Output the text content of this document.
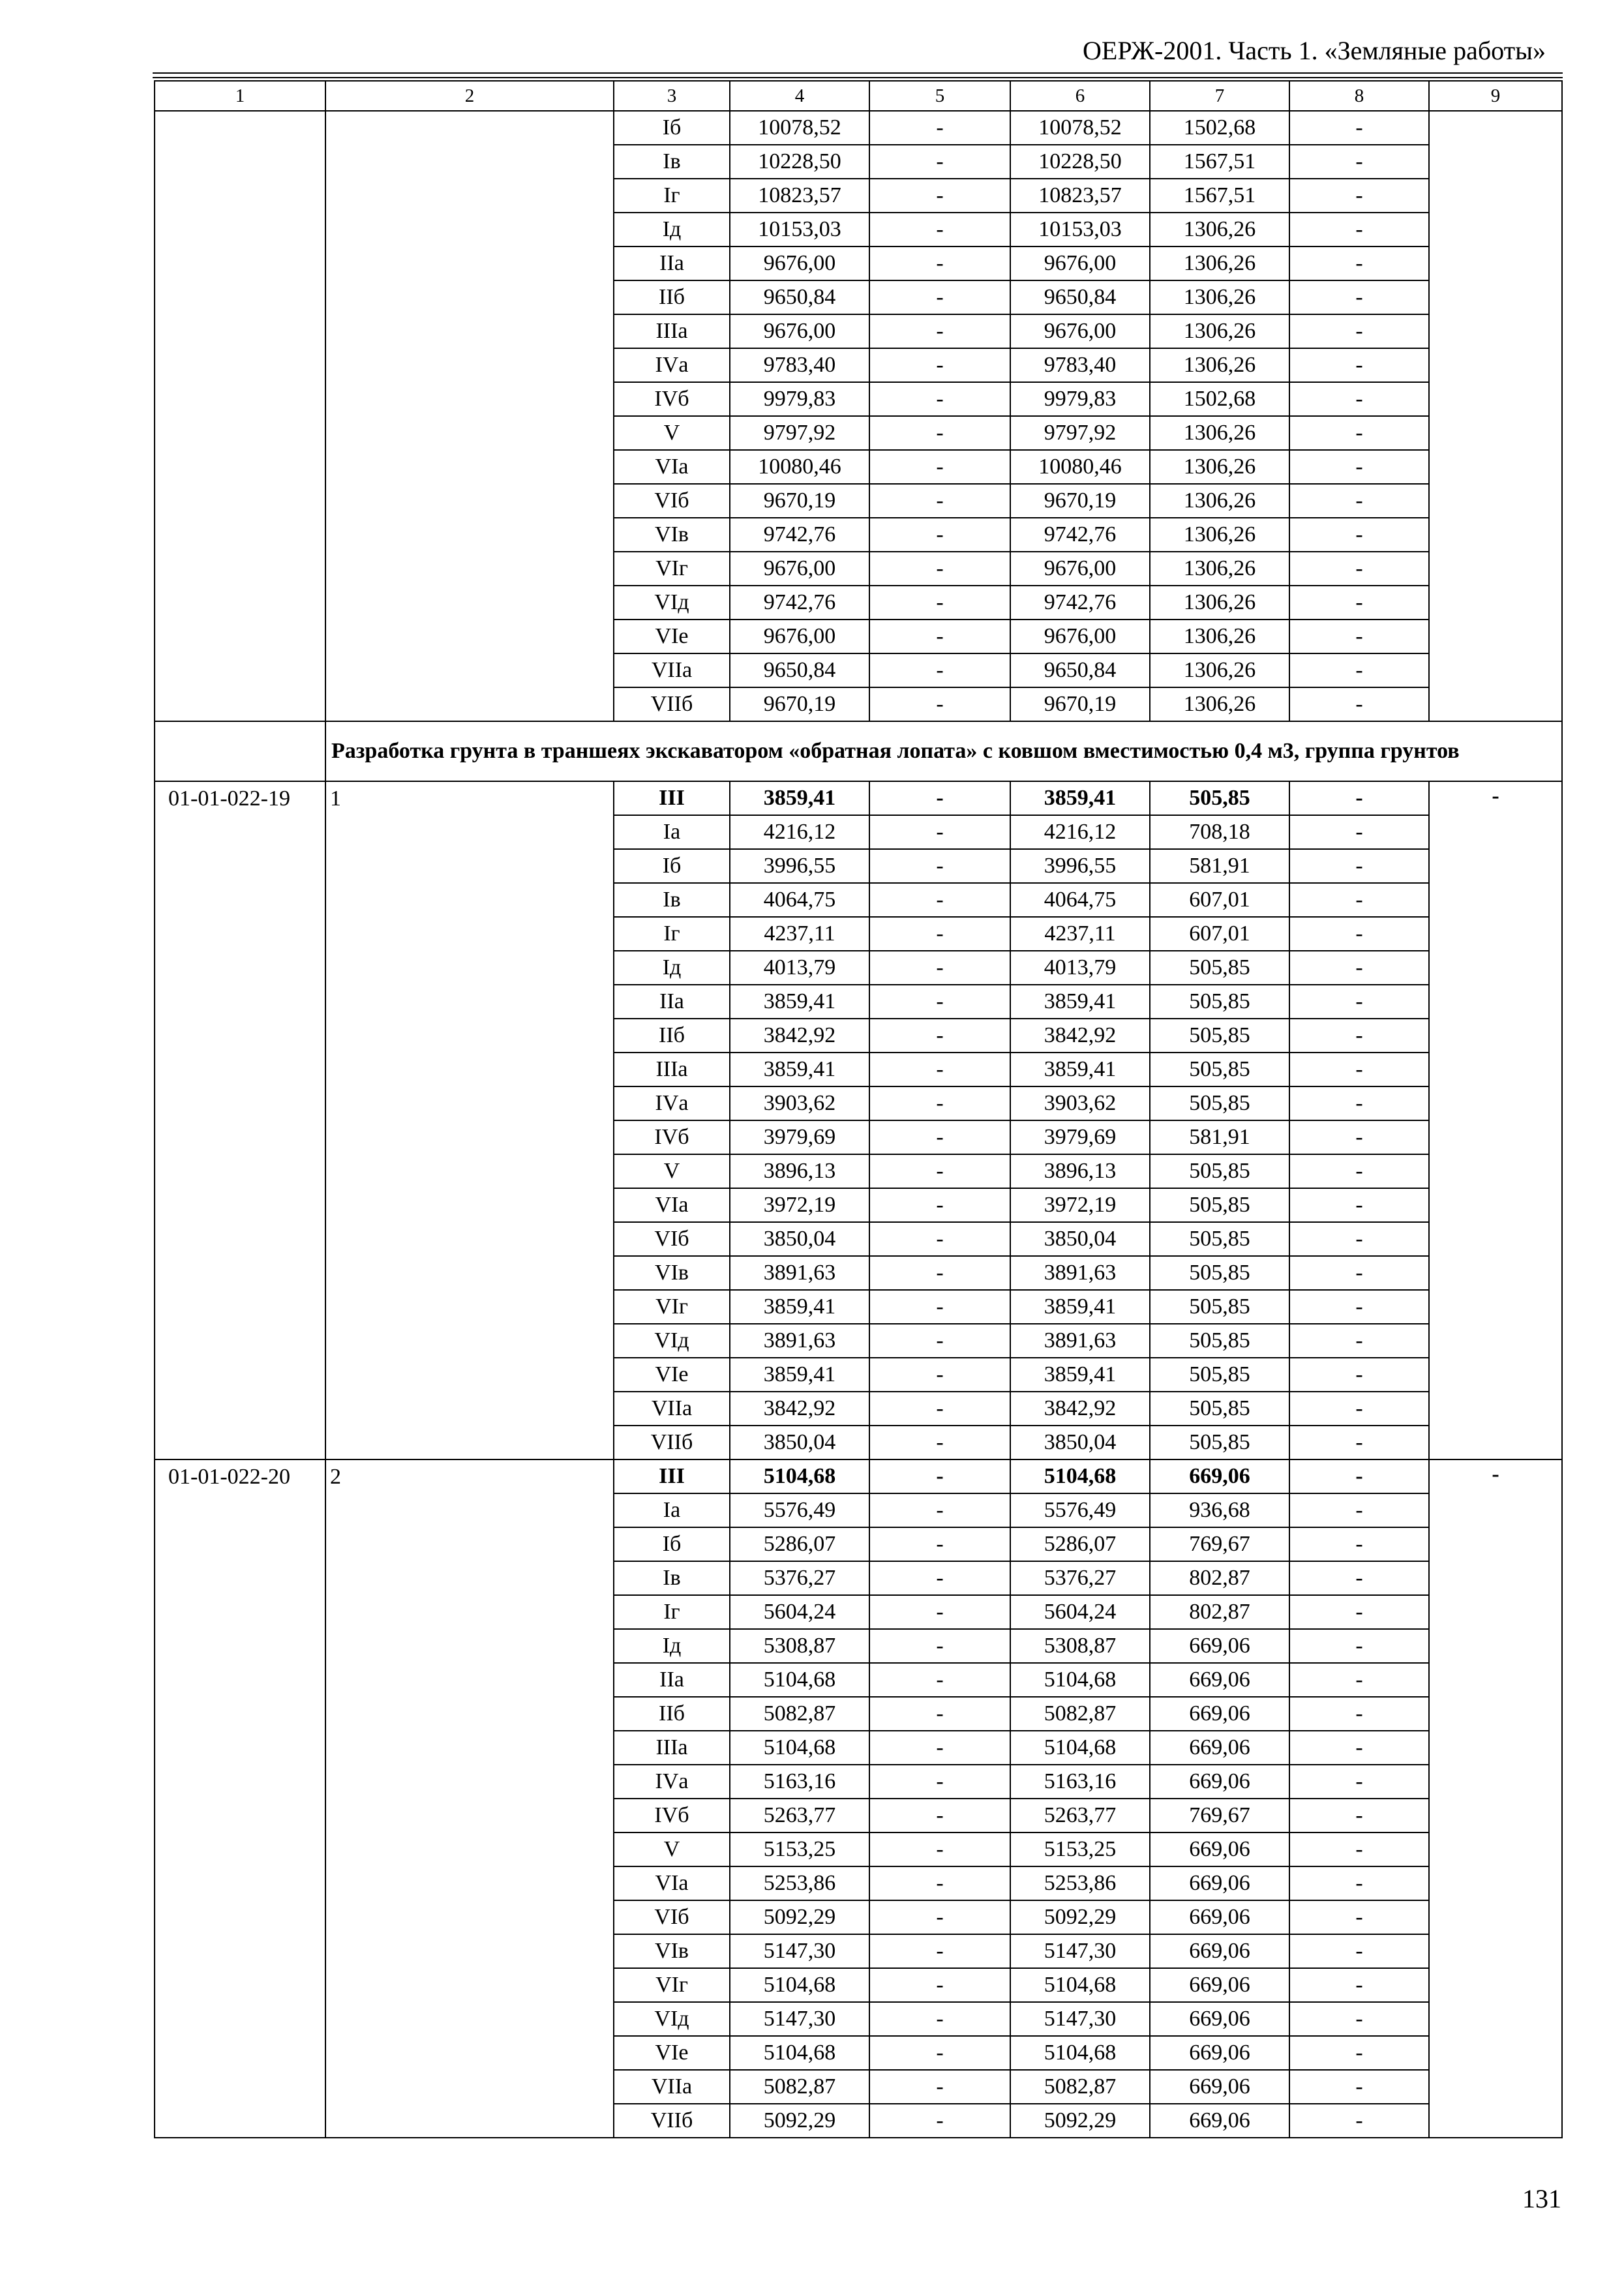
ОЕРЖ-2001. Часть 1. «Земляные работы»
1	2	3	4	5	6	7	8	9
		Iб	10078,52	-	10078,52	1502,68	-	
		Iв	10228,50	-	10228,50	1567,51	-	
		Iг	10823,57	-	10823,57	1567,51	-	
		Iд	10153,03	-	10153,03	1306,26	-	
		IIа	9676,00	-	9676,00	1306,26	-	
		IIб	9650,84	-	9650,84	1306,26	-	
		IIIа	9676,00	-	9676,00	1306,26	-	
		IVа	9783,40	-	9783,40	1306,26	-	
		IVб	9979,83	-	9979,83	1502,68	-	
		V	9797,92	-	9797,92	1306,26	-	
		VIа	10080,46	-	10080,46	1306,26	-	
		VIб	9670,19	-	9670,19	1306,26	-	
		VIв	9742,76	-	9742,76	1306,26	-	
		VIг	9676,00	-	9676,00	1306,26	-	
		VIд	9742,76	-	9742,76	1306,26	-	
		VIе	9676,00	-	9676,00	1306,26	-	
		VIIа	9650,84	-	9650,84	1306,26	-	
		VIIб	9670,19	-	9670,19	1306,26	-	
	Разработка грунта в траншеях экскаватором «обратная лопата» с ковшом вместимостью 0,4 м3, группа грунтов							
01-01-022-19	1	III	3859,41	-	3859,41	505,85	-	-
		Iа	4216,12	-	4216,12	708,18	-	
		Iб	3996,55	-	3996,55	581,91	-	
		Iв	4064,75	-	4064,75	607,01	-	
		Iг	4237,11	-	4237,11	607,01	-	
		Iд	4013,79	-	4013,79	505,85	-	
		IIа	3859,41	-	3859,41	505,85	-	
		IIб	3842,92	-	3842,92	505,85	-	
		IIIа	3859,41	-	3859,41	505,85	-	
		IVа	3903,62	-	3903,62	505,85	-	
		IVб	3979,69	-	3979,69	581,91	-	
		V	3896,13	-	3896,13	505,85	-	
		VIа	3972,19	-	3972,19	505,85	-	
		VIб	3850,04	-	3850,04	505,85	-	
		VIв	3891,63	-	3891,63	505,85	-	
		VIг	3859,41	-	3859,41	505,85	-	
		VIд	3891,63	-	3891,63	505,85	-	
		VIе	3859,41	-	3859,41	505,85	-	
		VIIа	3842,92	-	3842,92	505,85	-	
		VIIб	3850,04	-	3850,04	505,85	-	
01-01-022-20	2	III	5104,68	-	5104,68	669,06	-	-
		Iа	5576,49	-	5576,49	936,68	-	
		Iб	5286,07	-	5286,07	769,67	-	
		Iв	5376,27	-	5376,27	802,87	-	
		Iг	5604,24	-	5604,24	802,87	-	
		Iд	5308,87	-	5308,87	669,06	-	
		IIа	5104,68	-	5104,68	669,06	-	
		IIб	5082,87	-	5082,87	669,06	-	
		IIIа	5104,68	-	5104,68	669,06	-	
		IVа	5163,16	-	5163,16	669,06	-	
		IVб	5263,77	-	5263,77	769,67	-	
		V	5153,25	-	5153,25	669,06	-	
		VIа	5253,86	-	5253,86	669,06	-	
		VIб	5092,29	-	5092,29	669,06	-	
		VIв	5147,30	-	5147,30	669,06	-	
		VIг	5104,68	-	5104,68	669,06	-	
		VIд	5147,30	-	5147,30	669,06	-	
		VIе	5104,68	-	5104,68	669,06	-	
		VIIа	5082,87	-	5082,87	669,06	-	
		VIIб	5092,29	-	5092,29	669,06	-	
131
